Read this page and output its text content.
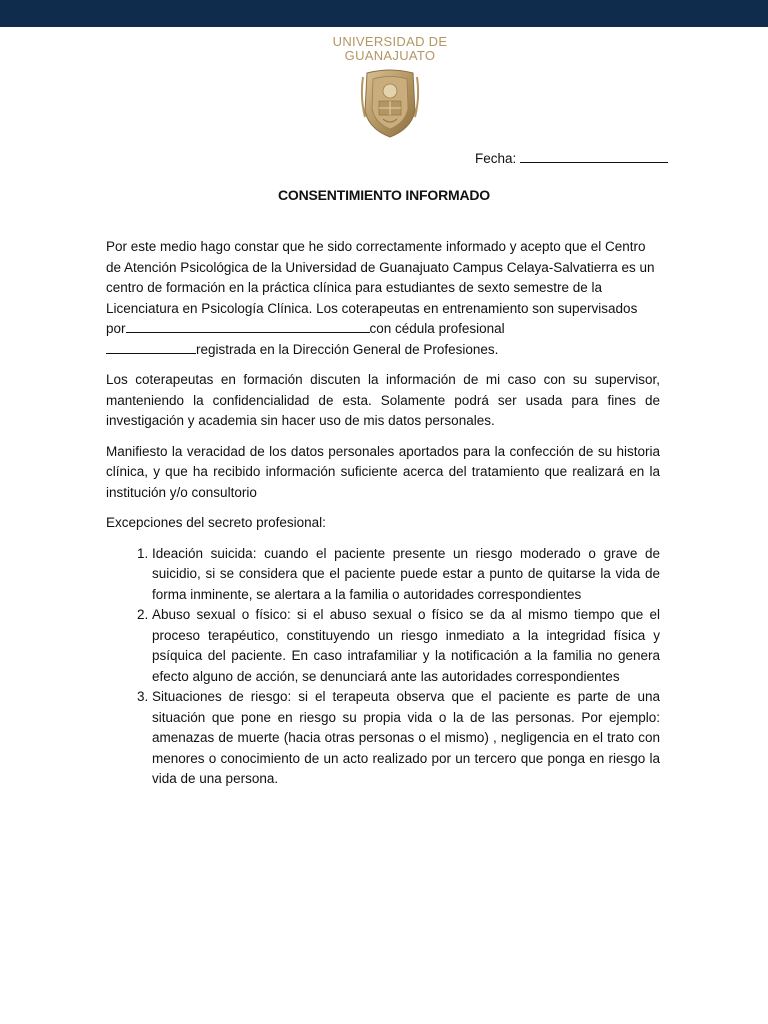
UNIVERSIDAD DE
GUANAJUATO
Fecha:
CONSENTIMIENTO INFORMADO

Por este medio hago constar que he sido correctamente informado y acepto que el Centro de Atención Psicológica de la Universidad de Guanajuato Campus Celaya-Salvatierra es un centro de formación en la práctica clínica para estudiantes de sexto semestre de la Licenciatura en Psicología Clínica. Los coterapeutas en entrenamiento son supervisados por	con cédula profesional
registrada en la Dirección General de Profesiones.

Los coterapeutas en formación discuten la información de mi caso con su supervisor, manteniendo la confidencialidad de esta. Solamente podrá ser usada para fines de investigación y academia sin hacer uso de mis datos personales.

Manifiesto la veracidad de los datos personales aportados para la confección de su historia clínica, y que ha recibido información suficiente acerca del tratamiento que realizará en la institución y/o consultorio

Excepciones del secreto profesional:

1. Ideación suicida: cuando el paciente presente un riesgo moderado o grave de suicidio, si se considera que el paciente puede estar a punto de quitarse la vida de forma inminente, se alertara a la familia o autoridades correspondientes
2. Abuso sexual o físico: si el abuso sexual o físico se da al mismo tiempo que el proceso terapéutico, constituyendo un riesgo inmediato a la integridad física y psíquica del paciente. En caso intrafamiliar y la notificación a la familia no genera efecto alguno de acción, se denunciará ante las autoridades correspondientes
3. Situaciones de riesgo: si el terapeuta observa que el paciente es parte de una situación que pone en riesgo su propia vida o la de las personas. Por ejemplo: amenazas de muerte (hacia otras personas o el mismo) , negligencia en el trato con menores o conocimiento de un acto realizado por un tercero que ponga en riesgo la vida de una persona.
